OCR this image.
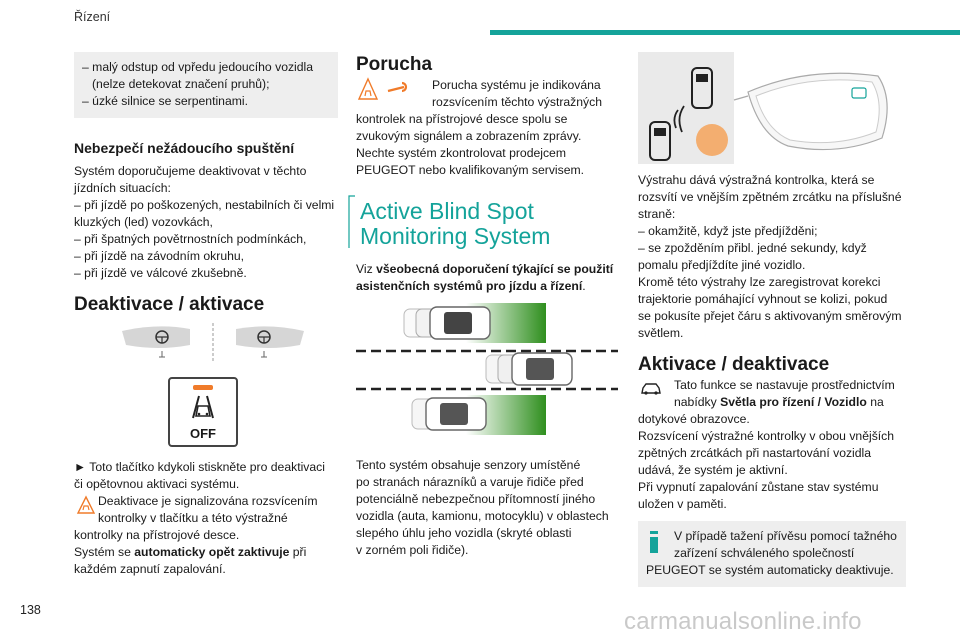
Řízení

– malý odstup od vpředu jedoucího vozidla

(nelze detekovat značení pruhů);

– úzké silnice se serpentinami.

Nebezpečí nežádoucího spuštění

Systém doporučujeme deaktivovat v těchto

jízdních situacích:

– při jízdě po poškozených, nestabilních či velmi

kluzkých (led) vozovkách,

– při špatných povětrnostních podmínkách,

– při jízdě na závodním okruhu,

– při jízdě ve válcové zkušebně.

Deaktivace / aktivace
OFF

► Toto tlačítko kdykoli stiskněte pro deaktivaci

či opětovnou aktivaci systému.

Deaktivace je signalizována rozsvícením

kontrolky v tlačítku a této výstražné

kontrolky na přístrojové desce.

Systém se automaticky opět zaktivuje při

každém zapnutí zapalování.

Porucha

Porucha systému je indikována

rozsvícením těchto výstražných

kontrolek na přístrojové desce spolu se

zvukovým signálem a zobrazením zprávy.

Nechte systém zkontrolovat prodejcem

PEUGEOT nebo kvalifikovaným servisem.

Active Blind Spot
Monitoring System

Viz všeobecná doporučení týkající se použití

asistenčních systémů pro jízdu a řízení.

Tento systém obsahuje senzory umístěné

po stranách nárazníků a varuje řidiče před

potenciálně nebezpečnou přítomností jiného

vozidla (auta, kamionu, motocyklu) v oblastech

slepého úhlu jeho vozidla (skryté oblasti

v zorném poli řidiče).

Výstrahu dává výstražná kontrolka, která se

rozsvítí ve vnějším zpětném zrcátku na příslušné

straně:

– okamžitě, když jste předjížděni;

– se zpožděním přibl. jedné sekundy, když

pomalu předjíždíte jiné vozidlo.

Kromě této výstrahy lze zaregistrovat korekci

trajektorie pomáhající vyhnout se kolizi, pokud

se pokusíte přejet čáru s aktivovaným směrovým

světlem.

Aktivace / deaktivace

Tato funkce se nastavuje prostřednictvím

nabídky Světla pro řízení / Vozidlo na

dotykové obrazovce.

Rozsvícení výstražné kontrolky v obou vnějších

zpětných zrcátkách při nastartování vozidla

udává, že systém je aktivní.

Při vypnutí zapalování zůstane stav systému

uložen v paměti.

V případě tažení přívěsu pomocí tažného

zařízení schváleného společností

PEUGEOT se systém automaticky deaktivuje.

138	carmanualsonline.info
